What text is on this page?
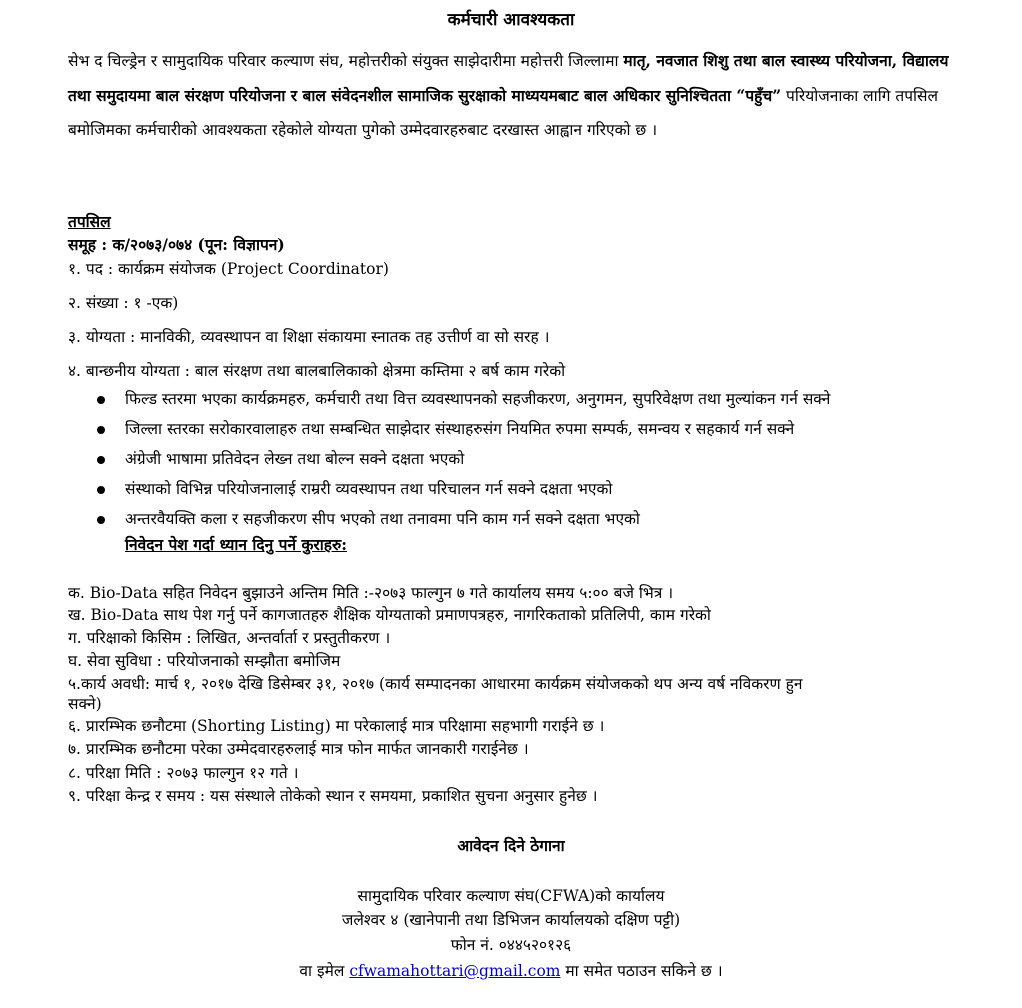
कर्मचारी आवश्यकता
सेभ द चिल्ड्रेन र सामुदायिक परिवार कल्याण संघ, महोत्तरीको संयुक्त साझेदारीमा महोत्तरी जिल्लामा मातृ, नवजात शिशु तथा बाल स्वास्थ्य परियोजना, विद्यालय तथा समुदायमा बाल संरक्षण परियोजना र बाल संवेदनशील सामाजिक सुरक्षाको माध्ययमबाट बाल अधिकार सुनिश्चितता “पहुँच” परियोजनाका लागि तपसिल बमोजिमका कर्मचारीको आवश्यकता रहेकोले योग्यता पुगेको उम्मेदवारहरुबाट दरखास्त आह्वान गरिएको छ ।
तपसिल
समूह : क/२०७३/०७४ (पून: विज्ञापन)
१. पद : कार्यक्रम संयोजक (Project Coordinator)
२. संख्या : १ -एक)
३. योग्यता : मानविकी, व्यवस्थापन वा शिक्षा संकायमा स्नातक तह उत्तीर्ण वा सो सरह ।
४. बान्छनीय योग्यता : बाल संरक्षण तथा बालबालिकाको क्षेत्रमा कम्तिमा २ बर्ष काम गरेको
फिल्ड स्तरमा भएका कार्यक्रमहरु, कर्मचारी तथा वित्त व्यवस्थापनको सहजीकरण, अनुगमन, सुपरिवेक्षण तथा मुल्यांकन गर्न सक्ने
जिल्ला स्तरका सरोकारवालाहरु तथा सम्बन्धित साझेदार संस्थाहरुसंग नियमित रुपमा सम्पर्क, समन्वय र सहकार्य गर्न सक्ने
अंग्रेजी भाषामा प्रतिवेदन लेख्न तथा बोल्न सक्ने दक्षता भएको
संस्थाको विभिन्न परियोजनालाई राम्ररी व्यवस्थापन तथा परिचालन गर्न सक्ने दक्षता भएको
अन्तरवैयक्ति कला र सहजीकरण सीप भएको तथा तनावमा पनि काम गर्न सक्ने दक्षता भएको
निवेदन पेश गर्दा ध्यान दिनु पर्ने कुराहरु:
क. Bio-Data सहित निवेदन बुझाउने अन्तिम मिति :-२०७३ फाल्गुन ७ गते कार्यालय समय ५:०० बजे भित्र ।
ख. Bio-Data साथ पेश गर्नु पर्ने कागजातहरु शैक्षिक योग्यताको प्रमाणपत्रहरु, नागरिकताको प्रतिलिपी, काम गरेको
ग. परिक्षाको किसिम : लिखित, अन्तर्वार्ता र प्रस्तुतीकरण ।
घ. सेवा सुविधा : परियोजनाको सम्झौता बमोजिम
५.कार्य अवधी: मार्च १, २०१७ देखि डिसेम्बर ३१, २०१७ (कार्य सम्पादनका आधारमा कार्यक्रम संयोजकको थप अन्य वर्ष नविकरण हुन
सक्ने)
६. प्रारम्भिक छनौटमा (Shorting Listing) मा परेकालाई मात्र परिक्षामा सहभागी गराईने छ ।
७. प्रारम्भिक छनौटमा परेका उम्मेदवारहरुलाई मात्र फोन मार्फत जानकारी गराईनेछ ।
८. परिक्षा मिति : २०७३ फाल्गुन १२ गते ।
९. परिक्षा केन्द्र र समय : यस संस्थाले तोकेको स्थान र समयमा, प्रकाशित सुचना अनुसार हुनेछ ।
आवेदन दिने ठेगाना
सामुदायिक परिवार कल्याण संघ(CFWA)को कार्यालय
जलेश्वर ४ (खानेपानी तथा डिभिजन कार्यालयको दक्षिण पट्टी)
फोन नं. ०४४५२०१२६
वा इमेल cfwamahottari@gmail.com मा समेत पठाउन सकिने छ ।
